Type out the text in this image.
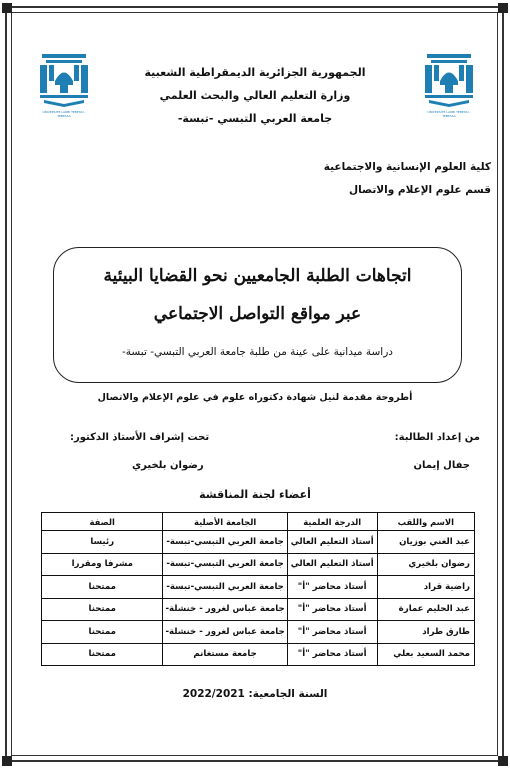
UNIVERSITE LARBI TEBESSI - TEBESSA
UNIVERSITE LARBI TEBESSI - TEBESSA
الجمهورية الجزائرية الديمقراطية الشعبية
وزارة التعليم العالي والبحث العلمي
جامعة العربي التبسي -تبسة-
كلية العلوم الإنسانية والاجتماعية
قسم علوم الإعلام والاتصال
اتجاهات الطلبة الجامعيين نحو القضايا البيئية
عبر مواقع التواصل الاجتماعي
دراسة ميدانية على عينة من طلبة جامعة العربي التبسي- تبسة-
أطروحة مقدمة لنيل شهادة دكتوراه علوم في علوم الإعلام والاتصال
من إعداد الطالبة:
تحت إشراف الأستاذ الدكتور:
جفال إيمان
رضوان بلخيري
أعضاء لجنة المناقشة
الاسم واللقب	الدرجة العلمية	الجامعة الأصلية	الصفة
عبد الغني بوزيان	أستاذ التعليم العالي	جامعة العربي التبسي-تبسة-	رئيسا
رضوان بلخيري	أستاذ التعليم العالي	جامعة العربي التبسي-تبسة-	مشرفا ومقررا
راضية قراد	أستاذ محاضر "أ"	جامعة العربي التبسي-تبسة-	ممتحنا
عبد الحليم عمارة	أستاذ محاضر "أ"	جامعة عباس لغرور - خنشلة-	ممتحنا
طارق طراد	أستاذ محاضر "أ"	جامعة عباس لغرور - خنشلة-	ممتحنا
محمد السعيد بعلي	أستاذ محاضر "أ"	جامعة مستغانم	ممتحنا
السنة الجامعية: 2022/2021
